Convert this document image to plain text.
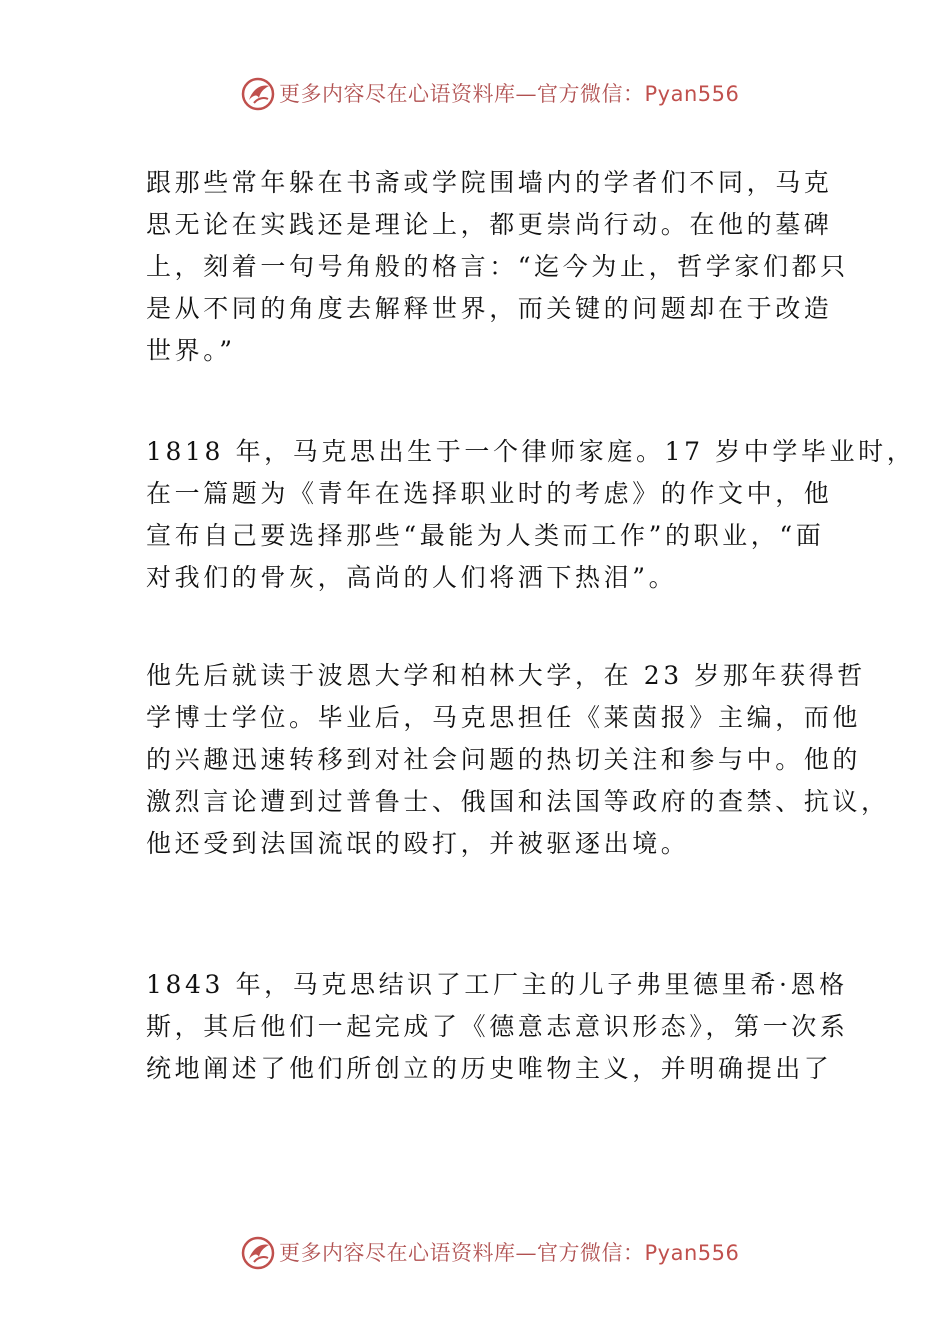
更多内容尽在心语资料库—官方微信：Pyan556

跟那些常年躲在书斋或学院围墙内的学者们不同，马克
思无论在实践还是理论上，都更崇尚行动。在他的墓碑
上，刻着一句号角般的格言：“迄今为止，哲学家们都只
是从不同的角度去解释世界，而关键的问题却在于改造
世界。”

1818 年，马克思出生于一个律师家庭。17 岁中学毕业时，
在一篇题为《青年在选择职业时的考虑》的作文中，他
宣布自己要选择那些“最能为人类而工作”的职业，“面
对我们的骨灰，高尚的人们将洒下热泪”。

他先后就读于波恩大学和柏林大学，在 23 岁那年获得哲
学博士学位。毕业后，马克思担任《莱茵报》主编，而他
的兴趣迅速转移到对社会问题的热切关注和参与中。他的
激烈言论遭到过普鲁士、俄国和法国等政府的查禁、抗议，
他还受到法国流氓的殴打，并被驱逐出境。

1843 年，马克思结识了工厂主的儿子弗里德里希·恩格
斯，其后他们一起完成了《德意志意识形态》，第一次系
统地阐述了他们所创立的历史唯物主义，并明确提出了

更多内容尽在心语资料库—官方微信：Pyan556
